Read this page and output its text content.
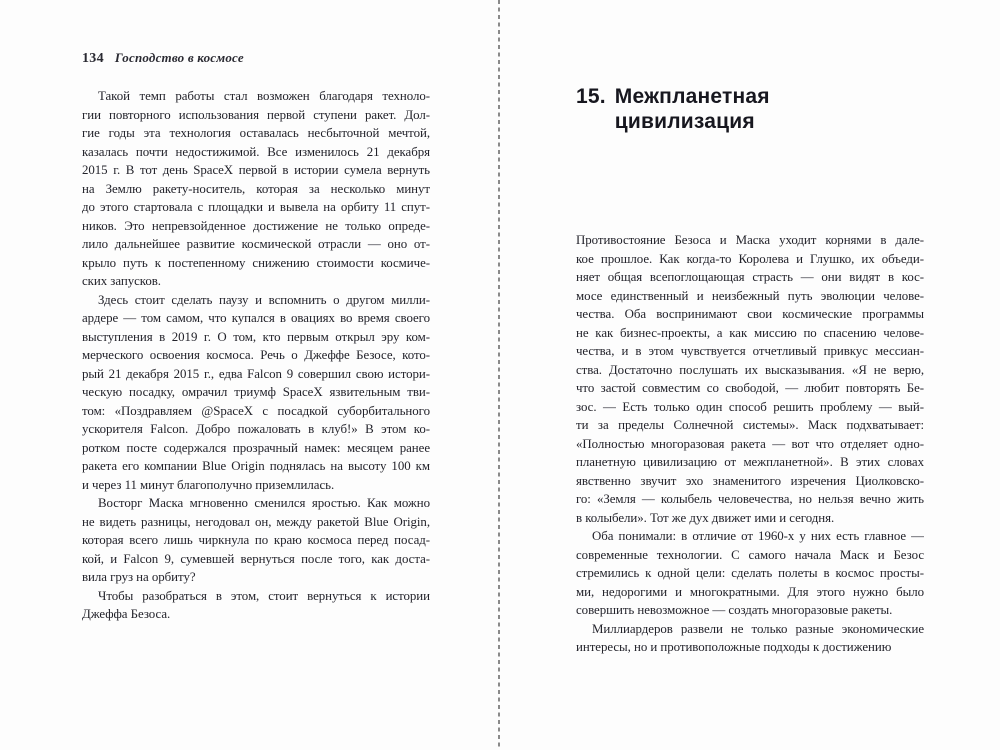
134 Господство в космосе
Такой темп работы стал возможен благодаря техноло-
гии повторного использования первой ступени ракет. Дол-
гие годы эта технология оставалась несбыточной мечтой,
казалась почти недостижимой. Все изменилось 21 декабря
2015 г. В тот день SpaceX первой в истории сумела вернуть
на Землю ракету-носитель, которая за несколько минут
до этого стартовала с площадки и вывела на орбиту 11 спут-
ников. Это непревзойденное достижение не только опреде-
лило дальнейшее развитие космической отрасли — оно от-
крыло путь к постепенному снижению стоимости космиче-
ских запусков.
Здесь стоит сделать паузу и вспомнить о другом милли-
ардере — том самом, что купался в овациях во время своего
выступления в 2019 г. О том, кто первым открыл эру ком-
мерческого освоения космоса. Речь о Джеффе Безосе, кото-
рый 21 декабря 2015 г., едва Falcon 9 совершил свою истори-
ческую посадку, омрачил триумф SpaceX язвительным тви-
том: «Поздравляем @SpaceX с посадкой суборбитального
ускорителя Falcon. Добро пожаловать в клуб!» В этом ко-
ротком посте содержался прозрачный намек: месяцем ранее
ракета его компании Blue Origin поднялась на высоту 100 км
и через 11 минут благополучно приземлилась.
Восторг Маска мгновенно сменился яростью. Как можно
не видеть разницы, негодовал он, между ракетой Blue Origin,
которая всего лишь чиркнула по краю космоса перед посад-
кой, и Falcon 9, сумевшей вернуться после того, как доста-
вила груз на орбиту?
Чтобы разобраться в этом, стоит вернуться к истории
Джеффа Безоса.
15. Межпланетная
цивилизация
Противостояние Безоса и Маска уходит корнями в дале-
кое прошлое. Как когда-то Королева и Глушко, их объеди-
няет общая всепоглощающая страсть — они видят в кос-
мосе единственный и неизбежный путь эволюции челове-
чества. Оба воспринимают свои космические программы
не как бизнес-проекты, а как миссию по спасению челове-
чества, и в этом чувствуется отчетливый привкус мессиан-
ства. Достаточно послушать их высказывания. «Я не верю,
что застой совместим со свободой, — любит повторять Бе-
зос. — Есть только один способ решить проблему — вый-
ти за пределы Солнечной системы». Маск подхватывает:
«Полностью многоразовая ракета — вот что отделяет одно-
планетную цивилизацию от межпланетной». В этих словах
явственно звучит эхо знаменитого изречения Циолковско-
го: «Земля — колыбель человечества, но нельзя вечно жить
в колыбели». Тот же дух движет ими и сегодня.
Оба понимали: в отличие от 1960-х у них есть главное —
современные технологии. С самого начала Маск и Безос
стремились к одной цели: сделать полеты в космос просты-
ми, недорогими и многократными. Для этого нужно было
совершить невозможное — создать многоразовые ракеты.
Миллиардеров развели не только разные экономические
интересы, но и противоположные подходы к достижению
